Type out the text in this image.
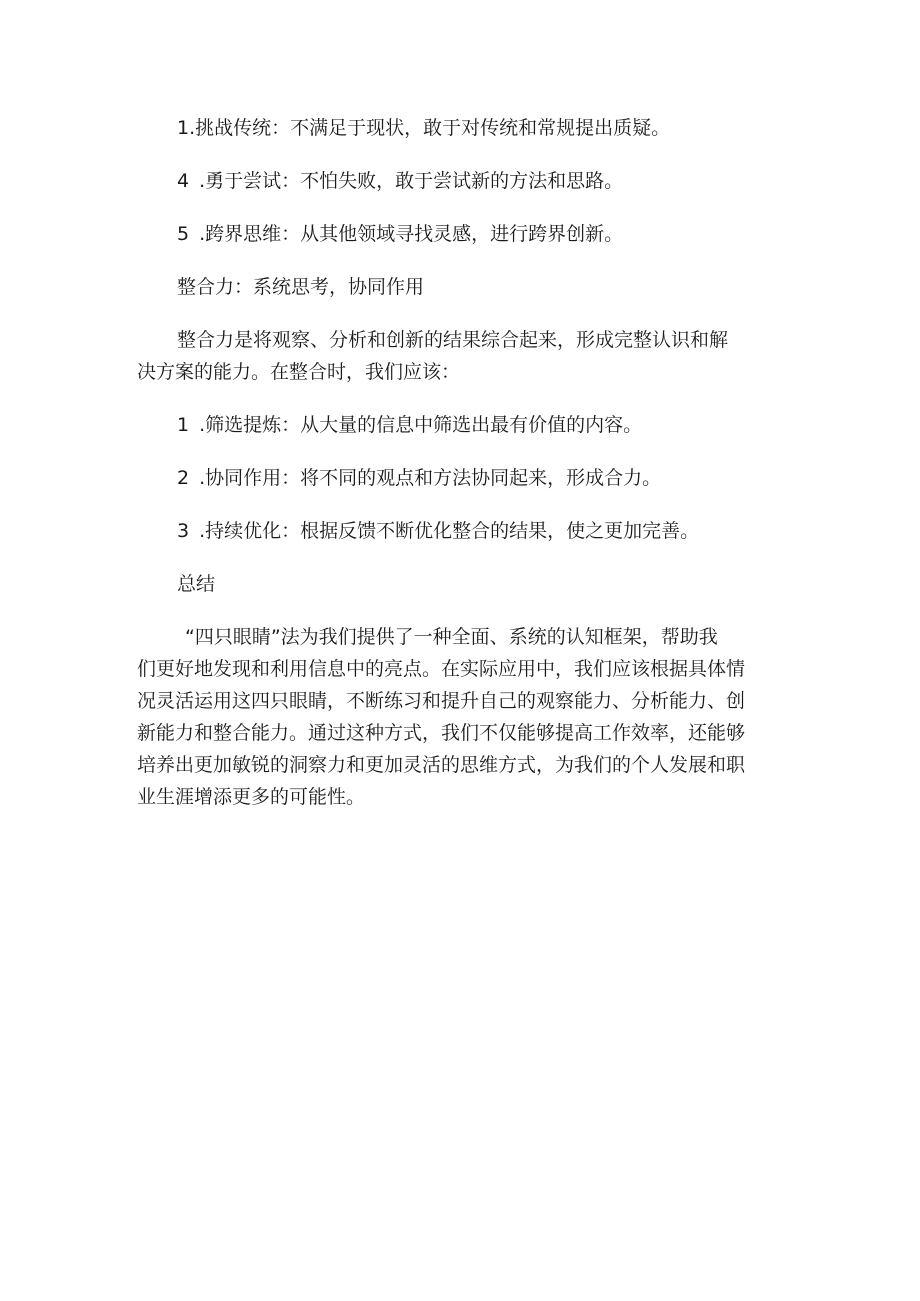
1.挑战传统：不满足于现状，敢于对传统和常规提出质疑。
4 .勇于尝试：不怕失败，敢于尝试新的方法和思路。
5 .跨界思维：从其他领域寻找灵感，进行跨界创新。
整合力：系统思考，协同作用
整合力是将观察、分析和创新的结果综合起来，形成完整认识和解
决方案的能力。在整合时，我们应该：
1 .筛选提炼：从大量的信息中筛选出最有价值的内容。
2 .协同作用：将不同的观点和方法协同起来，形成合力。
3 .持续优化：根据反馈不断优化整合的结果，使之更加完善。
总结
“四只眼睛”法为我们提供了一种全面、系统的认知框架，帮助我
们更好地发现和利用信息中的亮点。在实际应用中，我们应该根据具体情
况灵活运用这四只眼睛，不断练习和提升自己的观察能力、分析能力、创
新能力和整合能力。通过这种方式，我们不仅能够提高工作效率，还能够
培养出更加敏锐的洞察力和更加灵活的思维方式，为我们的个人发展和职
业生涯增添更多的可能性。
